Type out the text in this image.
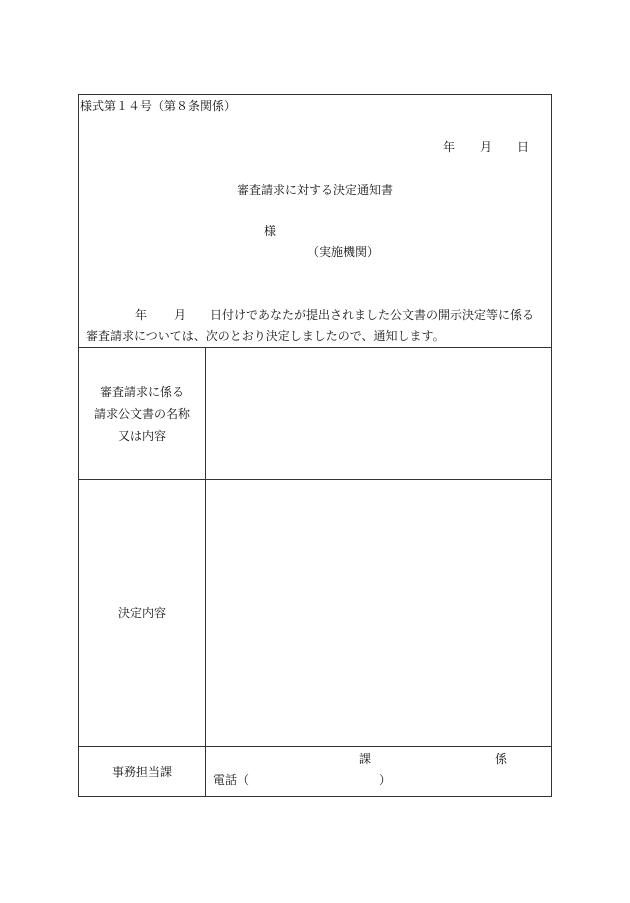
様式第１４号（第８条関係）
年 月 日
審査請求に対する決定通知書
様
（実施機関）
年 月 日付けであなたが提出されました公文書の開示決定等に係る
審査請求については、次のとおり決定しましたので、通知します。
審査請求に係る
請求公文書の名称
又は内容
決定内容
事務担当課
課	係
電話（	）
